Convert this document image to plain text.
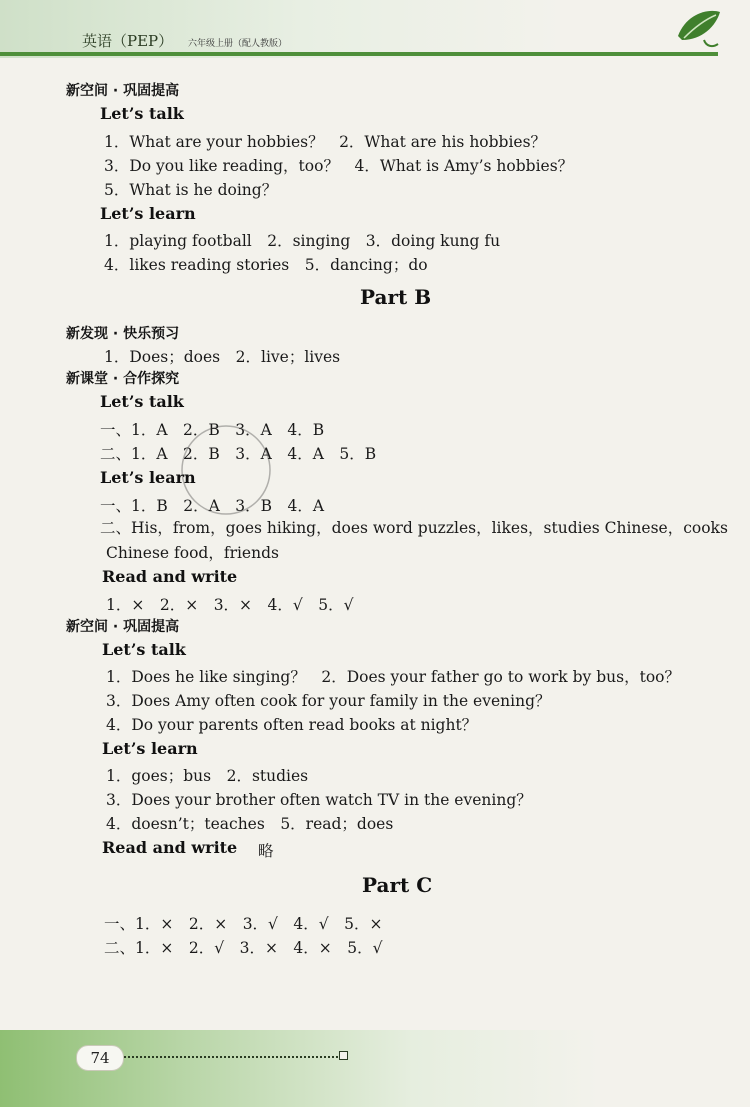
英语（PEP） 六年级上册（配人教版）
新空间 · 巩固提高
Let’s talk
1．What are your hobbies？　2．What are his hobbies？
3．Do you like reading，too？　4．What is Amy’s hobbies？
5．What is he doing？
Let’s learn
1．playing football　2．singing　3．doing kung fu
4．likes reading stories　5．dancing；do
Part B
新发现 · 快乐预习
1．Does；does　2．live；lives
新课堂 · 合作探究
Let’s talk
一、1．A　2．B　3．A　4．B
二、1．A　2．B　3．A　4．A　5．B
Let’s learn
一、1．B　2．A　3．B　4．A
二、His，from，goes hiking，does word puzzles，likes，studies Chinese，cooks
Chinese food，friends
Read and write
1．×　2．×　3．×　4．√　5．√
新空间 · 巩固提高
Let’s talk
1．Does he like singing？　2．Does your father go to work by bus，too？
3．Does Amy often cook for your family in the evening？
4．Do your parents often read books at night？
Let’s learn
1．goes；bus　2．studies
3．Does your brother often watch TV in the evening？
4．doesn’t；teaches　5．read；does
Read and write 略
Part C
一、1．×　2．×　3．√　4．√　5．×
二、1．×　2．√　3．×　4．×　5．√
74
